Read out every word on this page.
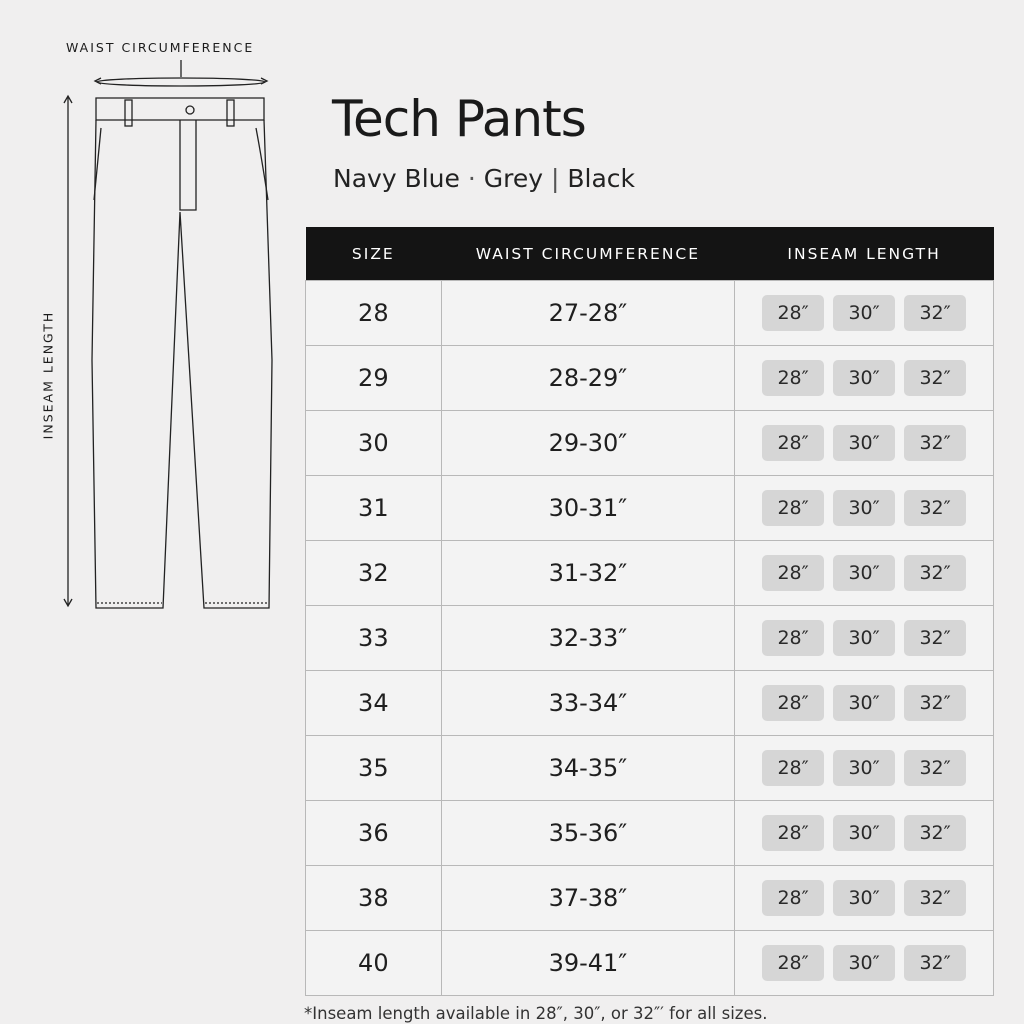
WAIST CIRCUMFERENCE
INSEAM LENGTH
Tech Pants
Navy Blue · Grey | Black
SIZE	WAIST CIRCUMFERENCE	INSEAM LENGTH
28	27-28″	28″ 30″ 32″

29	28-29″	28″ 30″ 32″

30	29-30″	28″ 30″ 32″

31	30-31″	28″ 30″ 32″

32	31-32″	28″ 30″ 32″

33	32-33″	28″ 30″ 32″

34	33-34″	28″ 30″ 32″

35	34-35″	28″ 30″ 32″

36	35-36″	28″ 30″ 32″

38	37-38″	28″ 30″ 32″

40	39-41″	28″ 30″ 32″
*Inseam length available in 28″, 30″, or 32″′ for all sizes.
